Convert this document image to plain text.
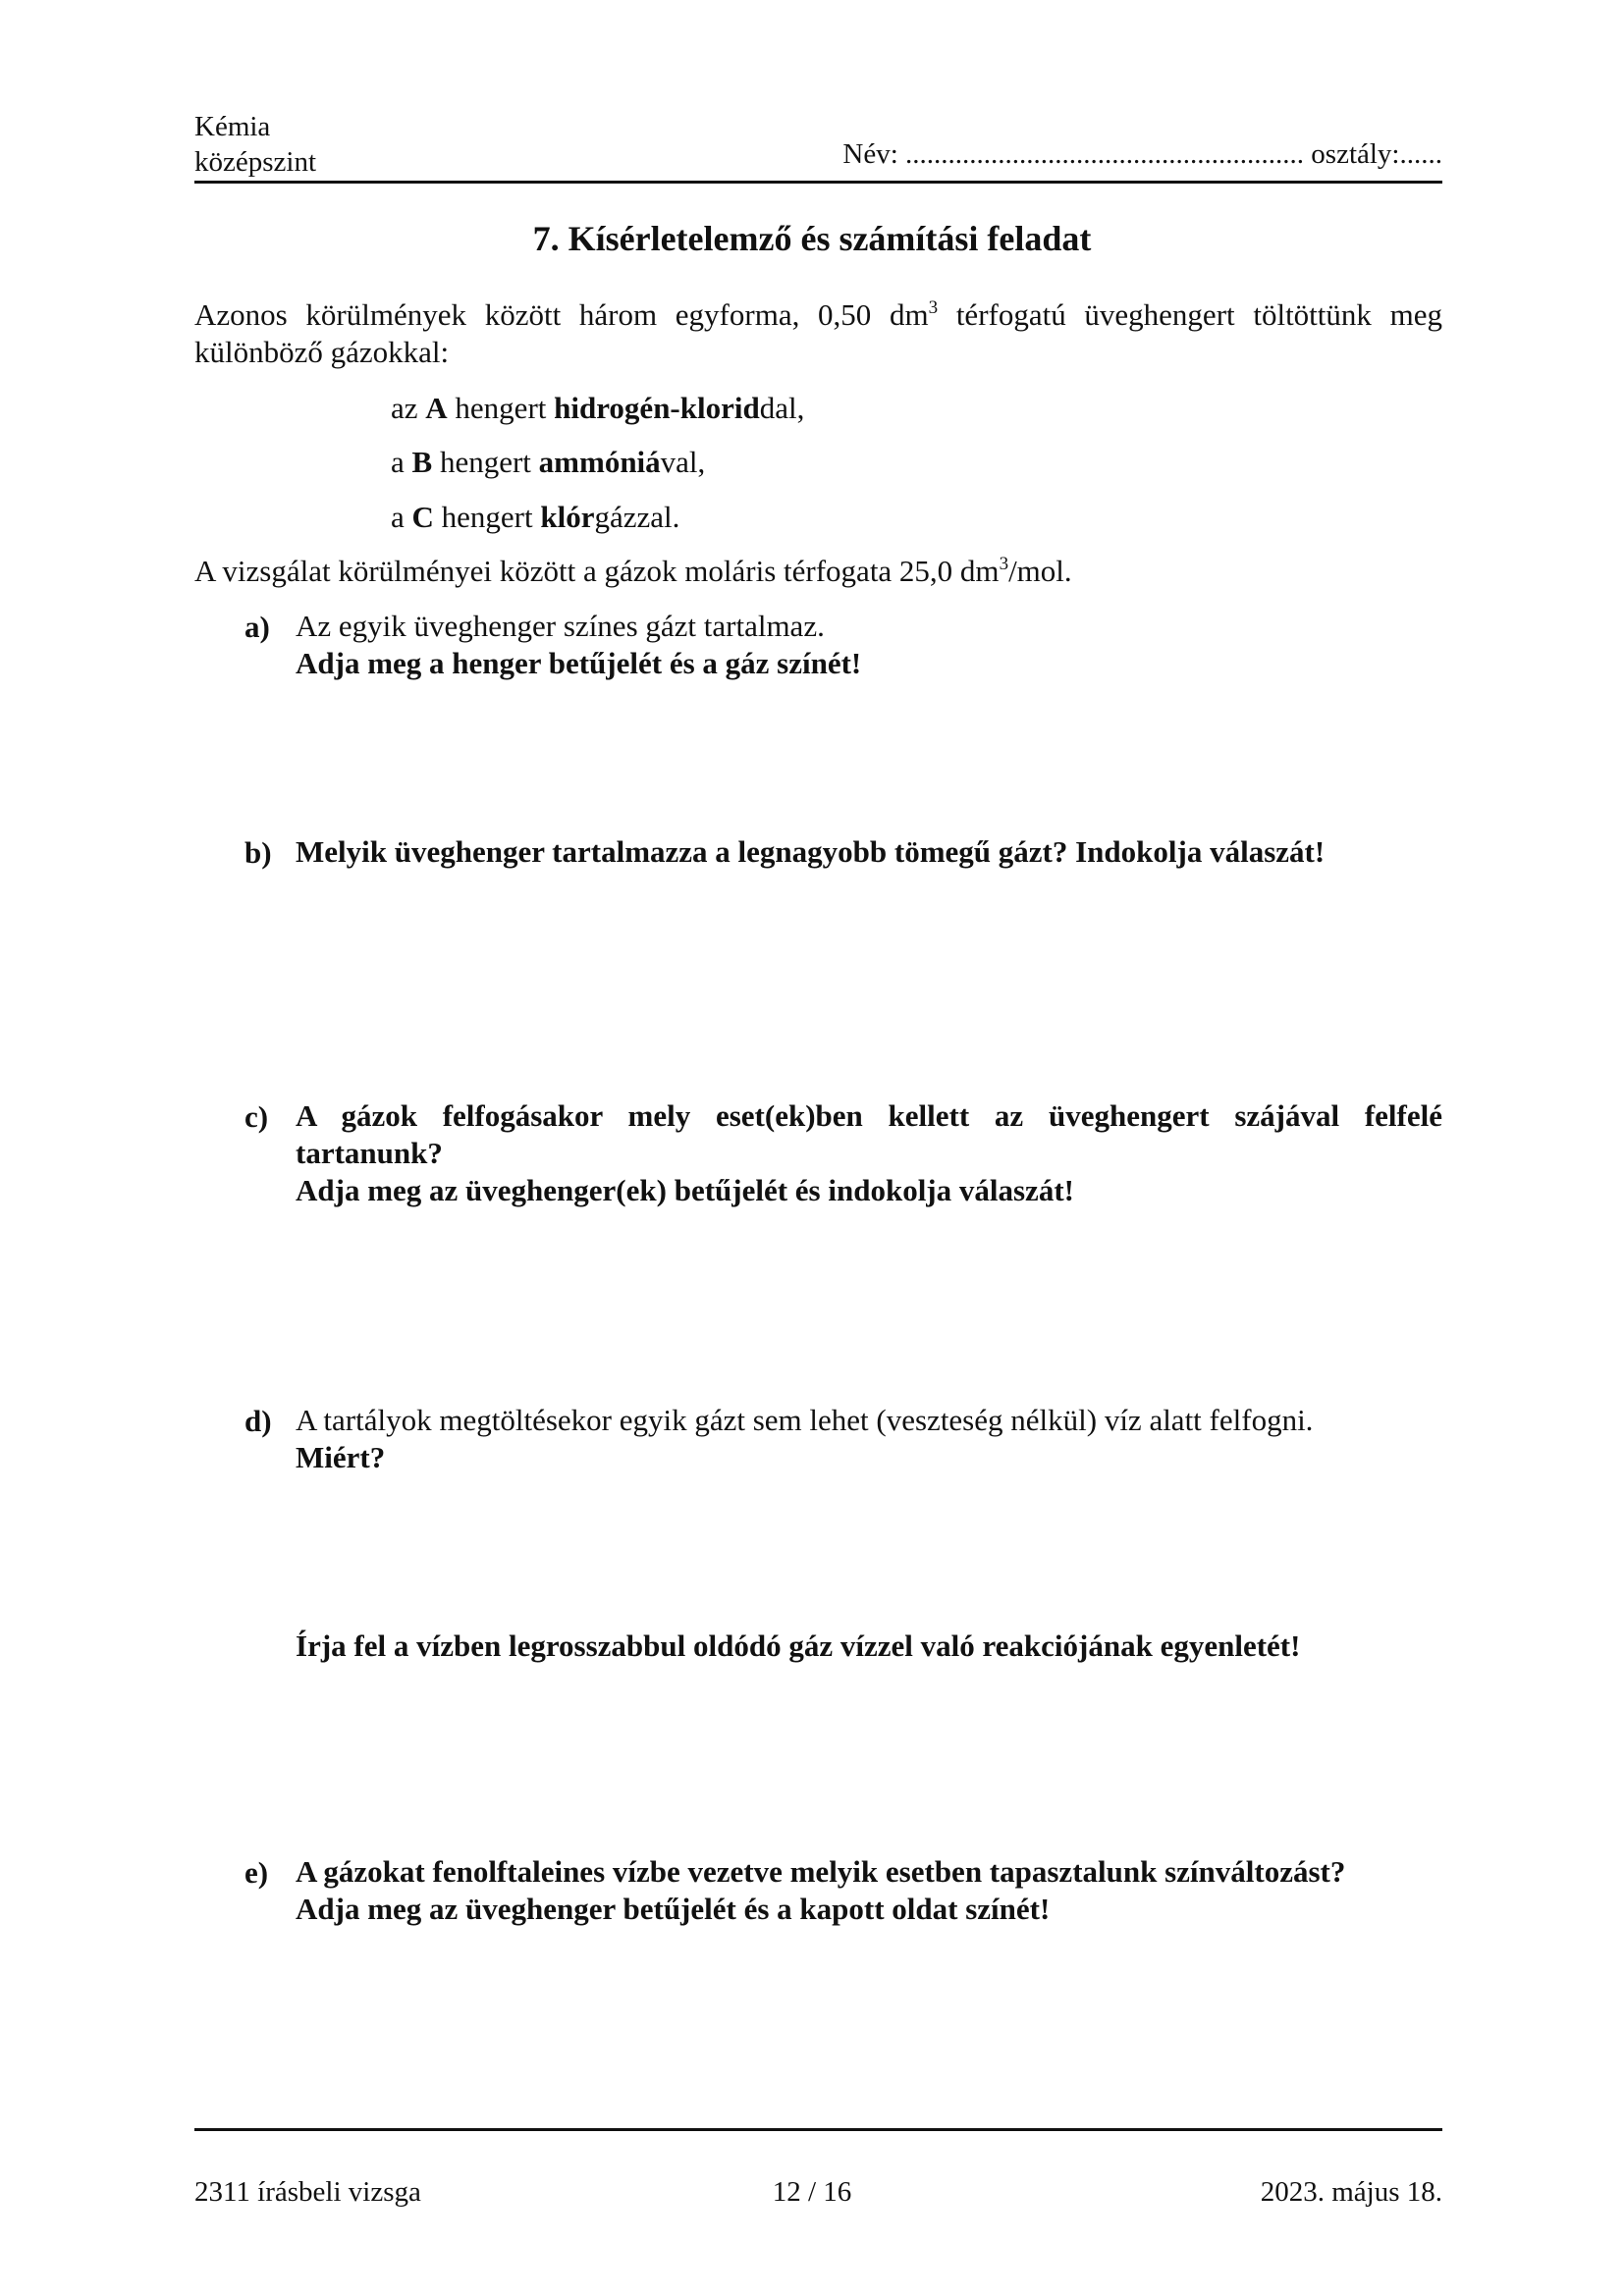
Kémia
középszint	Név: ........................................................ osztály:......
7. Kísérletelemző és számítási feladat
Azonos körülmények között három egyforma, 0,50 $dm^3$ térfogatú üveghengert töltöttünk meg
különböző gázokkal:
az A hengert hidrogén-kloriddal,
a B hengert ammóniával,
a C hengert klórgázzal.
A vizsgálat körülményei között a gázok moláris térfogata 25,0 $dm^3$/mol.
a) Az egyik üveghenger színes gázt tartalmaz.
Adja meg a henger betűjelét és a gáz színét!
b) Melyik üveghenger tartalmazza a legnagyobb tömegű gázt? Indokolja válaszát!
c) A gázok felfogásakor mely eset(ek)ben kellett az üveghengert szájával felfelé
tartanunk?
Adja meg az üveghenger(ek) betűjelét és indokolja válaszát!
d) A tartályok megtöltésekor egyik gázt sem lehet (veszteség nélkül) víz alatt felfogni.
Miért?
Írja fel a vízben legrosszabbul oldódó gáz vízzel való reakciójának egyenletét!
e) A gázokat fenolftaleines vízbe vezetve melyik esetben tapasztalunk színváltozást?
Adja meg az üveghenger betűjelét és a kapott oldat színét!
2311 írásbeli vizsga	12 / 16	2023. május 18.
